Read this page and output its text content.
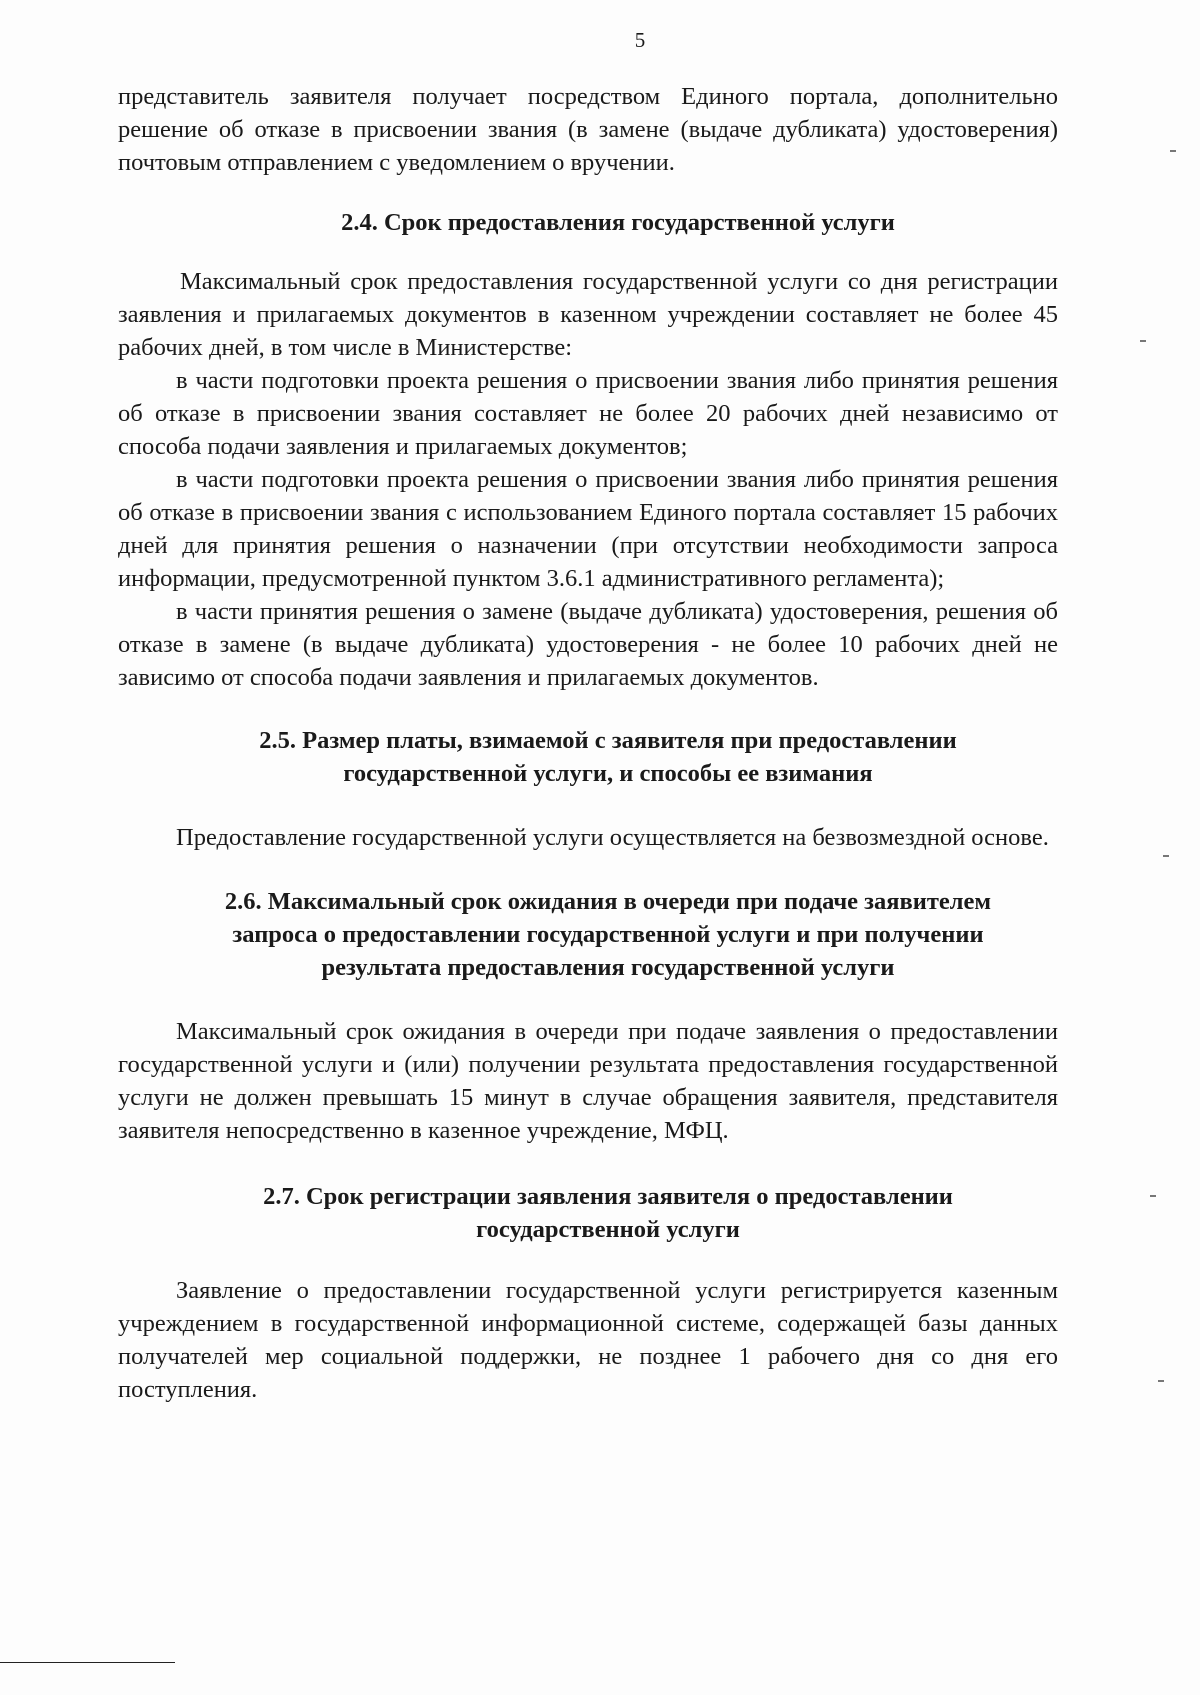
5

представитель заявителя получает посредством Единого портала, дополнительно решение об отказе в присвоении звания (в замене (выдаче дубликата) удостоверения) почтовым отправлением с уведомлением о вручении.

2.4. Срок предоставления государственной услуги

Максимальный срок предоставления государственной услуги со дня регистрации заявления и прилагаемых документов в казенном учреждении составляет не более 45 рабочих дней, в том числе в Министерстве:

в части подготовки проекта решения о присвоении звания либо принятия решения об отказе в присвоении звания составляет не более 20 рабочих дней независимо от способа подачи заявления и прилагаемых документов;

в части подготовки проекта решения о присвоении звания либо принятия решения об отказе в присвоении звания с использованием Единого портала составляет 15 рабочих дней для принятия решения о назначении (при отсутствии необходимости запроса информации, предусмотренной пунктом 3.6.1 административного регламента);

в части принятия решения о замене (выдаче дубликата) удостоверения, решения об отказе в замене (в выдаче дубликата) удостоверения - не более 10 рабочих дней не зависимо от способа подачи заявления и прилагаемых документов.

2.5. Размер платы, взимаемой с заявителя при предоставлении
государственной услуги, и способы ее взимания

Предоставление государственной услуги осуществляется на безвозмездной основе.

2.6. Максимальный срок ожидания в очереди при подаче заявителем
запроса о предоставлении государственной услуги и при получении
результата предоставления государственной услуги

Максимальный срок ожидания в очереди при подаче заявления о предоставлении государственной услуги и (или) получении результата предоставления государственной услуги не должен превышать 15 минут в случае обращения заявителя, представителя заявителя непосредственно в казенное учреждение, МФЦ.

2.7. Срок регистрации заявления заявителя о предоставлении
государственной услуги

Заявление о предоставлении государственной услуги регистрируется казенным учреждением в государственной информационной системе, содержащей базы данных получателей мер социальной поддержки, не позднее 1 рабочего дня со дня его поступления.
